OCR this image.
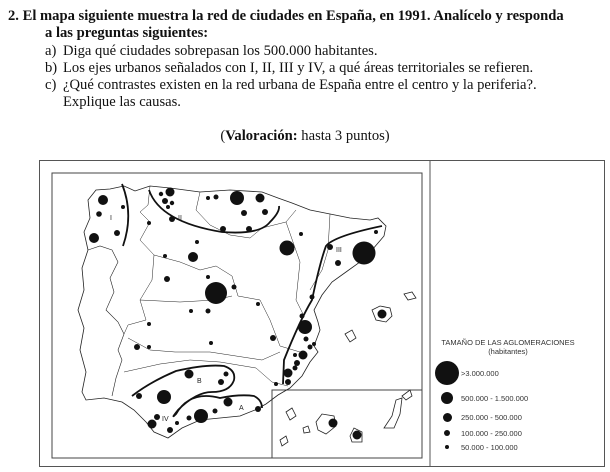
2. El mapa siguiente muestra la red de ciudades en España, en 1991. Analícelo y responda
a las preguntas siguientes:
a) Diga qué ciudades sobrepasan los 500.000 habitantes.
b) Los ejes urbanos señalados con I, II, III y IV, a qué áreas territoriales se refieren.
c) ¿Qué contrastes existen en la red urbana de España entre el centro y la periferia?.
Explique las causas.
(Valoración: hasta 3 puntos)
I	II
III
B
A
IV
TAMAÑO DE LAS AGLOMERACIONES
(habitantes)
>3.000.000
500.000 - 1.500.000
250.000 - 500.000
100.000 - 250.000
50.000 - 100.000
